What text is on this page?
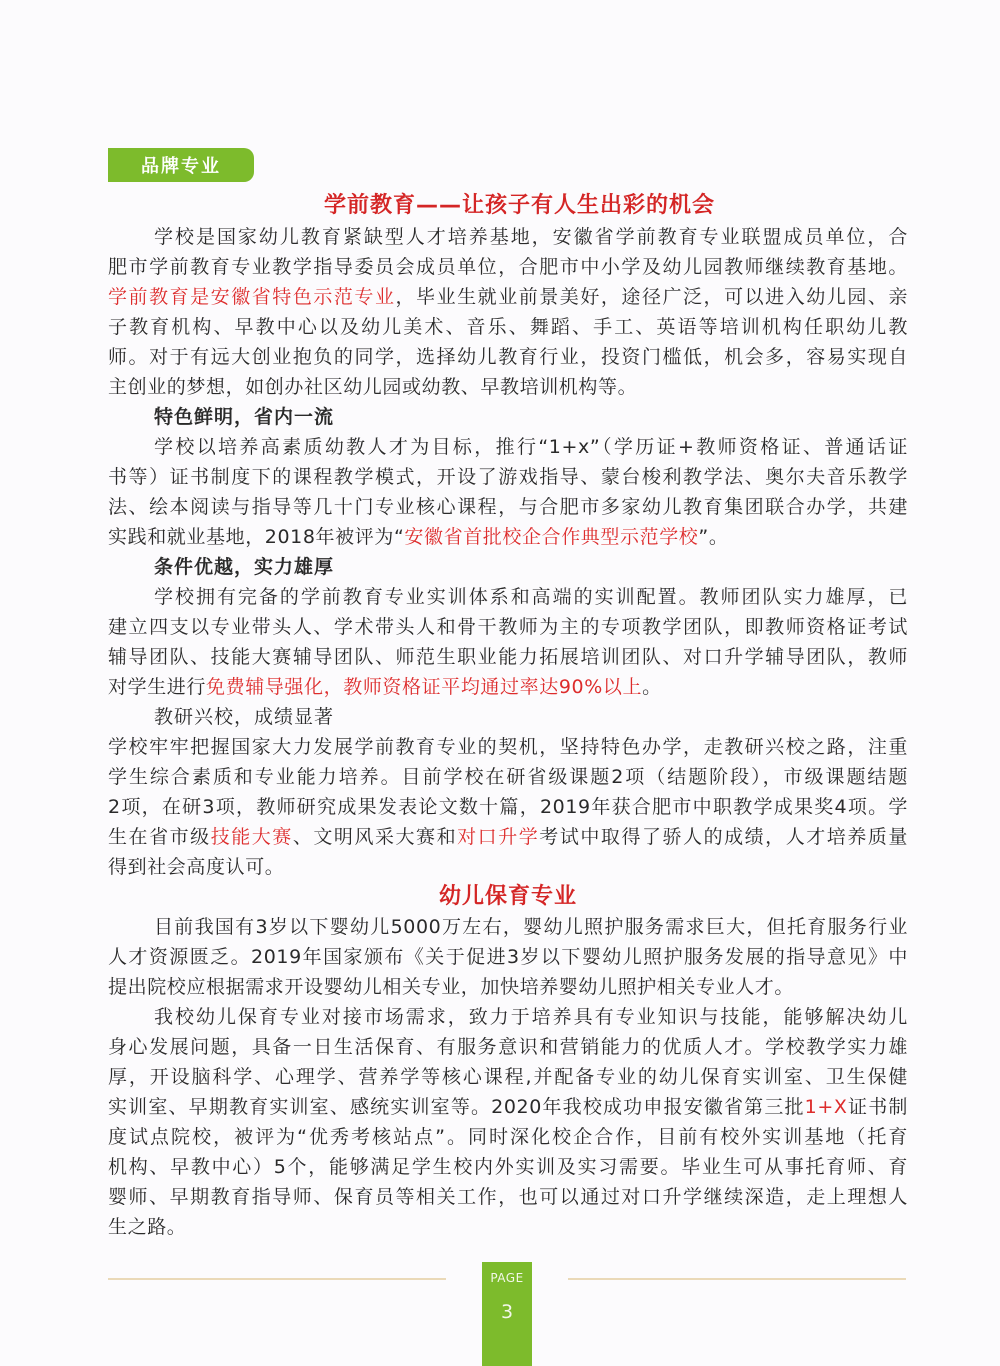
品牌专业
学前教育——让孩子有人生出彩的机会
学校是国家幼儿教育紧缺型人才培养基地，安徽省学前教育专业联盟成员单位，合
肥市学前教育专业教学指导委员会成员单位，合肥市中小学及幼儿园教师继续教育基地。
学前教育是安徽省特色示范专业，毕业生就业前景美好，途径广泛，可以进入幼儿园、亲
子教育机构、早教中心以及幼儿美术、音乐、舞蹈、手工、英语等培训机构任职幼儿教
师。对于有远大创业抱负的同学，选择幼儿教育行业，投资门槛低，机会多，容易实现自
主创业的梦想，如创办社区幼儿园或幼教、早教培训机构等。
特色鲜明，省内一流
学校以培养高素质幼教人才为目标，推行“1+x”（学历证+教师资格证、普通话证
书等）证书制度下的课程教学模式，开设了游戏指导、蒙台梭利教学法、奥尔夫音乐教学
法、绘本阅读与指导等几十门专业核心课程，与合肥市多家幼儿教育集团联合办学，共建
实践和就业基地，2018年被评为“安徽省首批校企合作典型示范学校”。
条件优越，实力雄厚
学校拥有完备的学前教育专业实训体系和高端的实训配置。教师团队实力雄厚，已
建立四支以专业带头人、学术带头人和骨干教师为主的专项教学团队，即教师资格证考试
辅导团队、技能大赛辅导团队、师范生职业能力拓展培训团队、对口升学辅导团队，教师
对学生进行免费辅导强化，教师资格证平均通过率达90%以上。
教研兴校，成绩显著
学校牢牢把握国家大力发展学前教育专业的契机，坚持特色办学，走教研兴校之路，注重
学生综合素质和专业能力培养。目前学校在研省级课题2项（结题阶段），市级课题结题
2项，在研3项，教师研究成果发表论文数十篇，2019年获合肥市中职教学成果奖4项。学
生在省市级技能大赛、文明风采大赛和对口升学考试中取得了骄人的成绩，人才培养质量
得到社会高度认可。
幼儿保育专业
目前我国有3岁以下婴幼儿5000万左右，婴幼儿照护服务需求巨大，但托育服务行业
人才资源匮乏。2019年国家颁布《关于促进3岁以下婴幼儿照护服务发展的指导意见》中
提出院校应根据需求开设婴幼儿相关专业，加快培养婴幼儿照护相关专业人才。
我校幼儿保育专业对接市场需求，致力于培养具有专业知识与技能，能够解决幼儿
身心发展问题，具备一日生活保育、有服务意识和营销能力的优质人才。学校教学实力雄
厚，开设脑科学、心理学、营养学等核心课程,并配备专业的幼儿保育实训室、卫生保健
实训室、早期教育实训室、感统实训室等。2020年我校成功申报安徽省第三批1+X证书制
度试点院校，被评为“优秀考核站点”。同时深化校企合作，目前有校外实训基地（托育
机构、早教中心）5个，能够满足学生校内外实训及实习需要。毕业生可从事托育师、育
婴师、早期教育指导师、保育员等相关工作，也可以通过对口升学继续深造，走上理想人
生之路。
PAGE
3
